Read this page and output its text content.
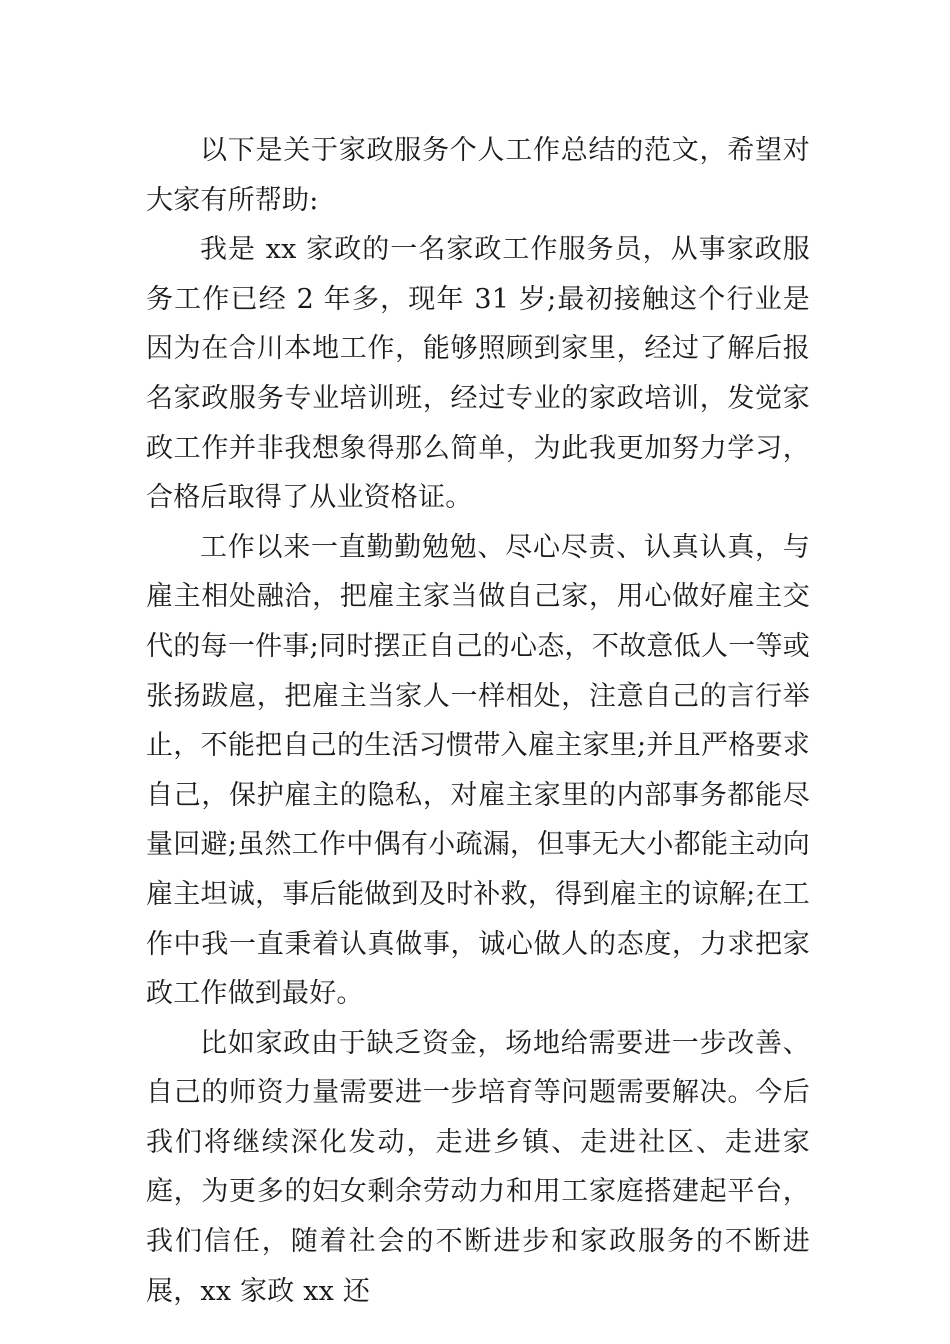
以下是关于家政服务个人工作总结的范文，希望对大家有所帮助:

我是 xx 家政的一名家政工作服务员，从事家政服务工作已经 2 年多，现年 31 岁;最初接触这个行业是因为在合川本地工作，能够照顾到家里，经过了解后报名家政服务专业培训班，经过专业的家政培训，发觉家政工作并非我想象得那么简单，为此我更加努力学习，合格后取得了从业资格证。

工作以来一直勤勤勉勉、尽心尽责、认真认真，与雇主相处融洽，把雇主家当做自己家，用心做好雇主交代的每一件事;同时摆正自己的心态，不故意低人一等或张扬跋扈，把雇主当家人一样相处，注意自己的言行举止，不能把自己的生活习惯带入雇主家里;并且严格要求自己，保护雇主的隐私，对雇主家里的内部事务都能尽量回避;虽然工作中偶有小疏漏，但事无大小都能主动向雇主坦诚，事后能做到及时补救，得到雇主的谅解;在工作中我一直秉着认真做事，诚心做人的态度，力求把家政工作做到最好。

比如家政由于缺乏资金，场地给需要进一步改善、自己的师资力量需要进一步培育等问题需要解决。今后我们将继续深化发动，走进乡镇、走进社区、走进家庭，为更多的妇女剩余劳动力和用工家庭搭建起平台，我们信任，随着社会的不断进步和家政服务的不断进展，xx 家政 xx 还
